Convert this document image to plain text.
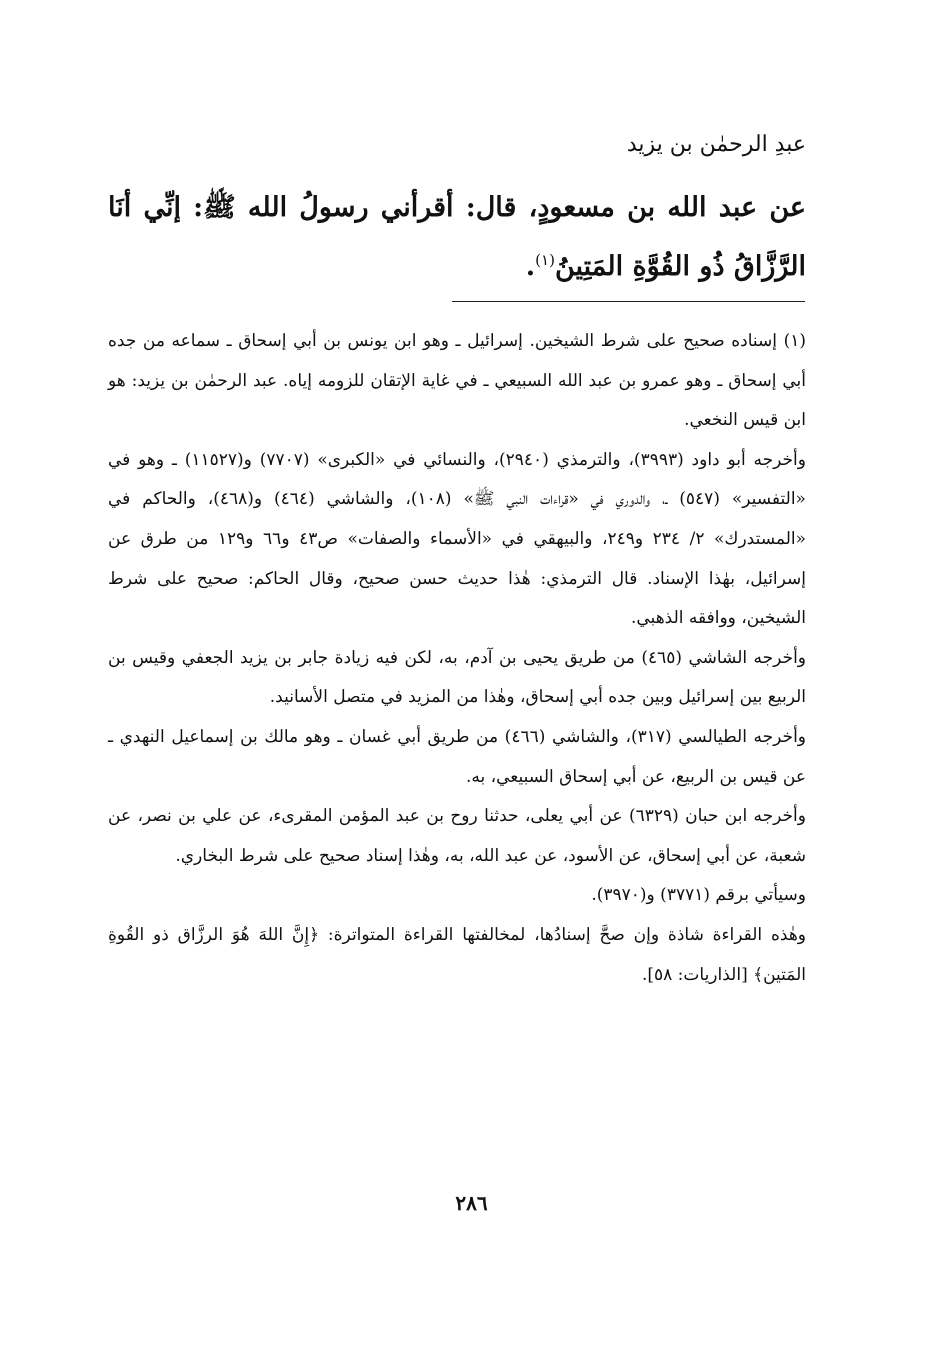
عبدِ الرحمٰن بن يزيد
عن عبد الله بن مسعودٍ، قال: أقرأني رسولُ الله ﷺ: إنِّي أنَا الرَّزَّاقُ ذُو القُوَّةِ المَتِينُ$^{(١)}$.

(١) إسناده صحيح على شرط الشيخين. إسرائيل ـ وهو ابن يونس بن أبي إسحاق ـ سماعه من جده أبي إسحاق ـ وهو عمرو بن عبد الله السبيعي ـ في غاية الإتقان للزومه إياه. عبد الرحمٰن بن يزيد: هو ابن قيس النخعي.

وأخرجه أبو داود (٣٩٩٣)، والترمذي (٢٩٤٠)، والنسائي في «الكبرى» (٧٧٠٧) و(١١٥٢٧) ـ وهو في «التفسير» (٥٤٧) ـ، والدوري في «قراءات النبي ﷺ» (١٠٨)، والشاشي (٤٦٤) و(٤٦٨)، والحاكم في «المستدرك» ٢/ ٢٣٤ و٢٤٩، والبيهقي في «الأسماء والصفات» ص٤٣ و٦٦ و١٢٩ من طرق عن إسرائيل، بهٰذا الإسناد. قال الترمذي: هٰذا حديث حسن صحيح، وقال الحاكم: صحيح على شرط الشيخين، ووافقه الذهبي.

وأخرجه الشاشي (٤٦٥) من طريق يحيى بن آدم، به، لكن فيه زيادة جابر بن يزيد الجعفي وقيس بن الربيع بين إسرائيل وبين جده أبي إسحاق، وهٰذا من المزيد في متصل الأسانيد.

وأخرجه الطيالسي (٣١٧)، والشاشي (٤٦٦) من طريق أبي غسان ـ وهو مالك بن إسماعيل النهدي ـ عن قيس بن الربيع، عن أبي إسحاق السبيعي، به.

وأخرجه ابن حبان (٦٣٢٩) عن أبي يعلى، حدثنا روح بن عبد المؤمن المقرىء، عن علي بن نصر، عن شعبة، عن أبي إسحاق، عن الأسود، عن عبد الله، به، وهٰذا إسناد صحيح على شرط البخاري.

وسيأتي برقم (٣٧٧١) و(٣٩٧٠).

وهٰذه القراءة شاذة وإن صحَّ إسنادُها، لمخالفتها القراءة المتواترة: ﴿إِنَّ اللهَ هُوَ الرزَّاق ذو القُوةِ المَتين﴾ [الذاريات: ٥٨].

٢٨٦
